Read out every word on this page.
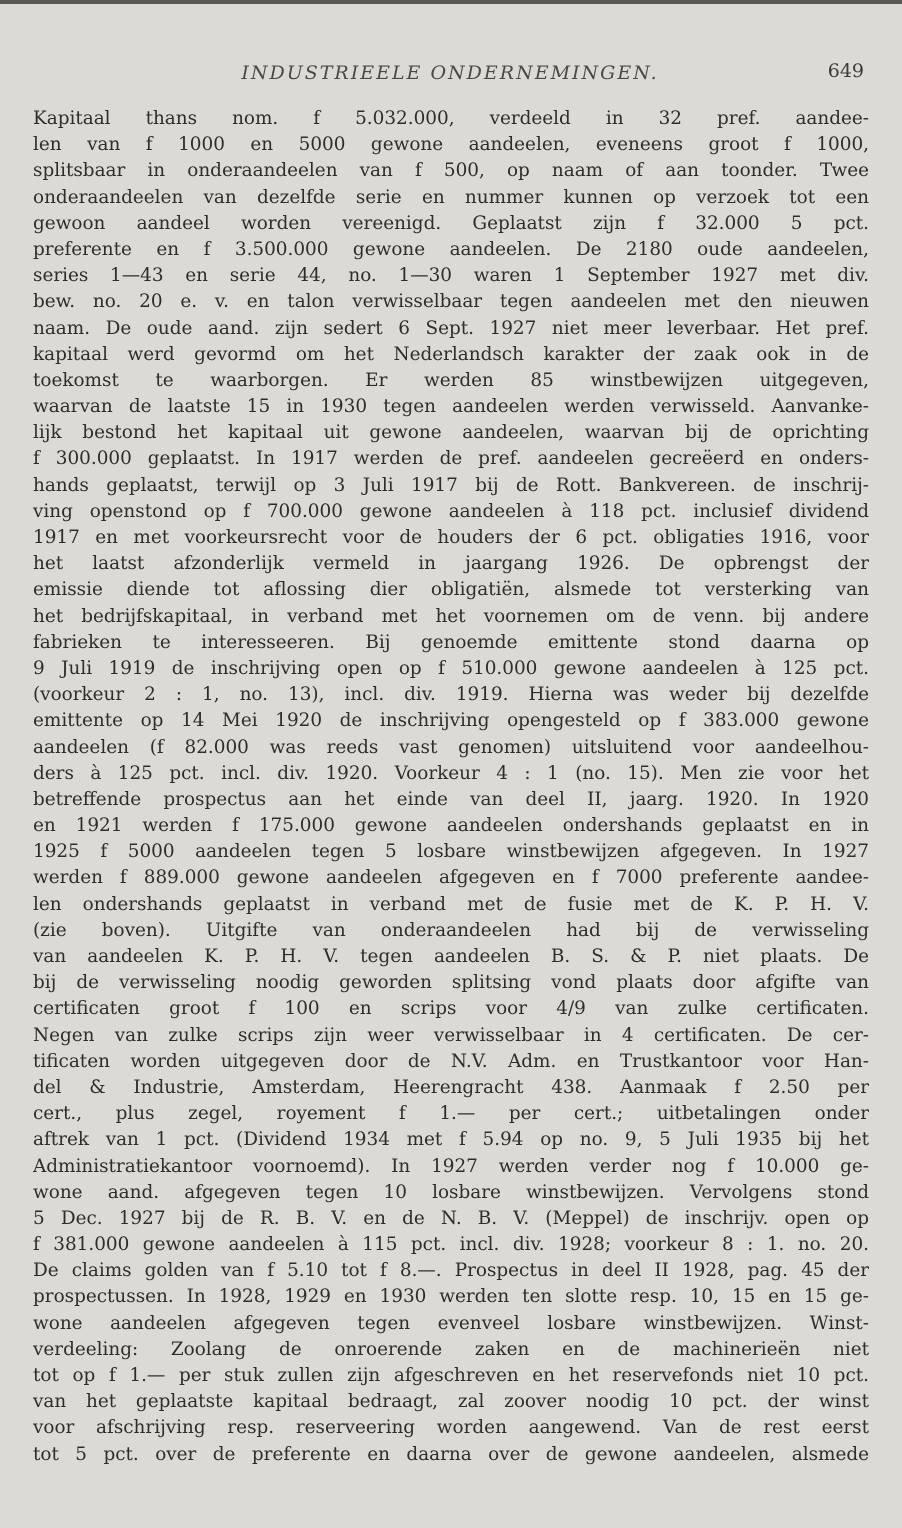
INDUSTRIEELE ONDERNEMINGEN.	649
Kapitaal thans nom. f 5.032.000, verdeeld in 32 pref. aandee-
len van f 1000 en 5000 gewone aandeelen, eveneens groot f 1000,
splitsbaar in onderaandeelen van f 500, op naam of aan toonder. Twee
onderaandeelen van dezelfde serie en nummer kunnen op verzoek tot een
gewoon aandeel worden vereenigd. Geplaatst zijn f 32.000 5 pct.
preferente en f 3.500.000 gewone aandeelen. De 2180 oude aandeelen,
series 1—43 en serie 44, no. 1—30 waren 1 September 1927 met div.
bew. no. 20 e. v. en talon verwisselbaar tegen aandeelen met den nieuwen
naam. De oude aand. zijn sedert 6 Sept. 1927 niet meer leverbaar. Het pref.
kapitaal werd gevormd om het Nederlandsch karakter der zaak ook in de
toekomst te waarborgen. Er werden 85 winstbewijzen uitgegeven,
waarvan de laatste 15 in 1930 tegen aandeelen werden verwisseld. Aanvanke-
lijk bestond het kapitaal uit gewone aandeelen, waarvan bij de oprichting
f 300.000 geplaatst. In 1917 werden de pref. aandeelen gecreëerd en onders-
hands geplaatst, terwijl op 3 Juli 1917 bij de Rott. Bankvereen. de inschrij-
ving openstond op f 700.000 gewone aandeelen à 118 pct. inclusief dividend
1917 en met voorkeursrecht voor de houders der 6 pct. obligaties 1916, voor
het laatst afzonderlijk vermeld in jaargang 1926. De opbrengst der
emissie diende tot aflossing dier obligatiën, alsmede tot versterking van
het bedrijfskapitaal, in verband met het voornemen om de venn. bij andere
fabrieken te interesseeren. Bij genoemde emittente stond daarna op
9 Juli 1919 de inschrijving open op f 510.000 gewone aandeelen à 125 pct.
(voorkeur 2 : 1, no. 13), incl. div. 1919. Hierna was weder bij dezelfde
emittente op 14 Mei 1920 de inschrijving opengesteld op f 383.000 gewone
aandeelen (f 82.000 was reeds vast genomen) uitsluitend voor aandeelhou-
ders à 125 pct. incl. div. 1920. Voorkeur 4 : 1 (no. 15). Men zie voor het
betreffende prospectus aan het einde van deel II, jaarg. 1920. In 1920
en 1921 werden f 175.000 gewone aandeelen ondershands geplaatst en in
1925 f 5000 aandeelen tegen 5 losbare winstbewijzen afgegeven. In 1927
werden f 889.000 gewone aandeelen afgegeven en f 7000 preferente aandee-
len ondershands geplaatst in verband met de fusie met de K. P. H. V.
(zie boven). Uitgifte van onderaandeelen had bij de verwisseling
van aandeelen K. P. H. V. tegen aandeelen B. S. & P. niet plaats. De
bij de verwisseling noodig geworden splitsing vond plaats door afgifte van
certificaten groot f 100 en scrips voor 4/9 van zulke certificaten.
Negen van zulke scrips zijn weer verwisselbaar in 4 certificaten. De cer-
tificaten worden uitgegeven door de N.V. Adm. en Trustkantoor voor Han-
del & Industrie, Amsterdam, Heerengracht 438. Aanmaak f 2.50 per
cert., plus zegel, royement f 1.— per cert.; uitbetalingen onder
aftrek van 1 pct. (Dividend 1934 met f 5.94 op no. 9, 5 Juli 1935 bij het
Administratiekantoor voornoemd). In 1927 werden verder nog f 10.000 ge-
wone aand. afgegeven tegen 10 losbare winstbewijzen. Vervolgens stond
5 Dec. 1927 bij de R. B. V. en de N. B. V. (Meppel) de inschrijv. open op
f 381.000 gewone aandeelen à 115 pct. incl. div. 1928; voorkeur 8 : 1. no. 20.
De claims golden van f 5.10 tot f 8.—. Prospectus in deel II 1928, pag. 45 der
prospectussen. In 1928, 1929 en 1930 werden ten slotte resp. 10, 15 en 15 ge-
wone aandeelen afgegeven tegen evenveel losbare winstbewijzen. Winst-
verdeeling: Zoolang de onroerende zaken en de machinerieën niet
tot op f 1.— per stuk zullen zijn afgeschreven en het reservefonds niet 10 pct.
van het geplaatste kapitaal bedraagt, zal zoover noodig 10 pct. der winst
voor afschrijving resp. reserveering worden aangewend. Van de rest eerst
tot 5 pct. over de preferente en daarna over de gewone aandeelen, alsmede
